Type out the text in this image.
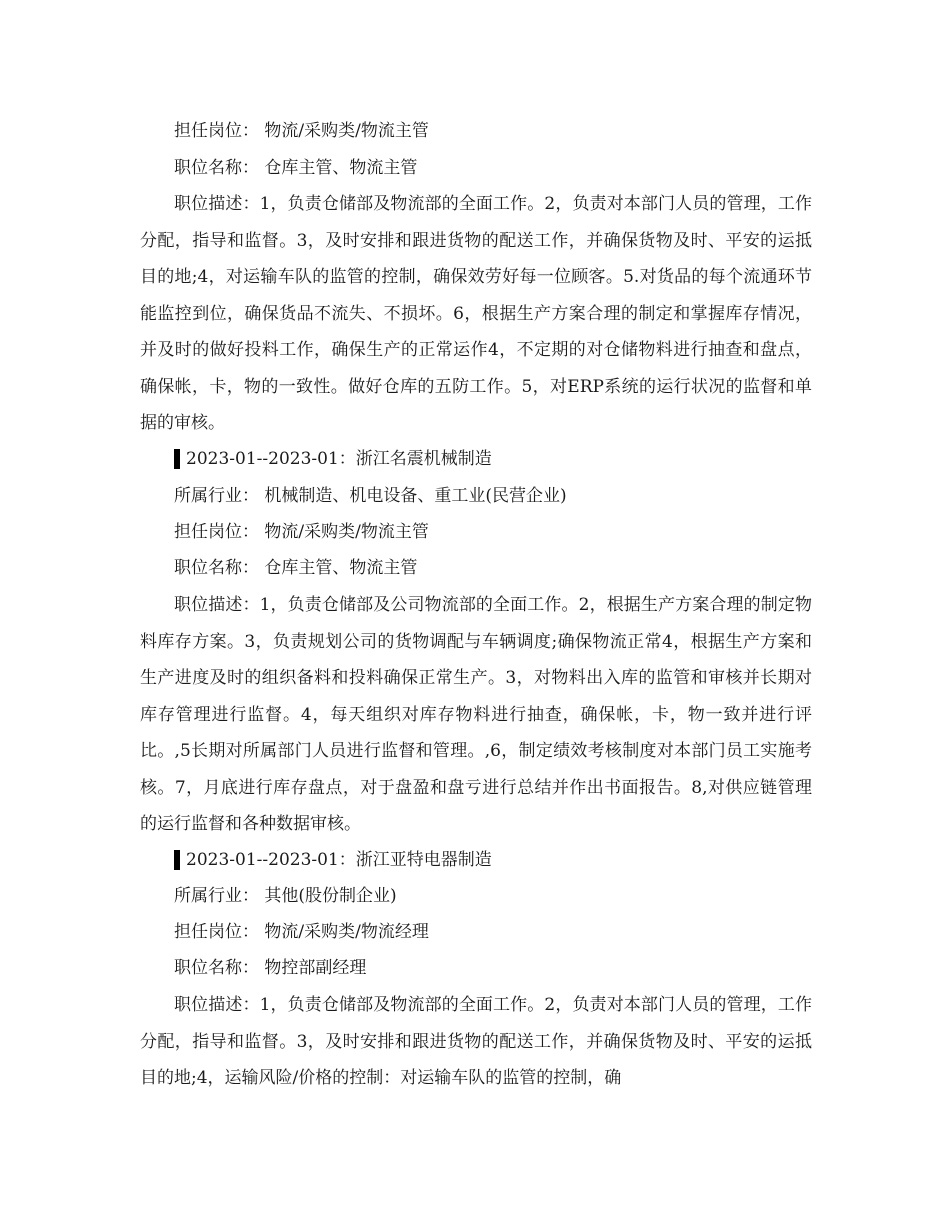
担任岗位： 物流/采购类/物流主管
职位名称： 仓库主管、物流主管

职位描述：1，负责仓储部及物流部的全面工作。2，负责对本部门人员的管理，工作分配，指导和监督。3，及时安排和跟进货物的配送工作，并确保货物及时、平安的运抵目的地;4，对运输车队的监管的控制，确保效劳好每一位顾客。5.对货品的每个流通环节能监控到位，确保货品不流失、不损坏。6，根据生产方案合理的制定和掌握库存情况，并及时的做好投料工作，确保生产的正常运作4，不定期的对仓储物料进行抽查和盘点，确保帐，卡，物的一致性。做好仓库的五防工作。5，对ERP系统的运行状况的监督和单据的审核。

2023-01--2023-01：浙江名震机械制造
所属行业： 机械制造、机电设备、重工业(民营企业)
担任岗位： 物流/采购类/物流主管
职位名称： 仓库主管、物流主管

职位描述：1，负责仓储部及公司物流部的全面工作。2，根据生产方案合理的制定物料库存方案。3，负责规划公司的货物调配与车辆调度;确保物流正常4，根据生产方案和生产进度及时的组织备料和投料确保正常生产。3，对物料出入库的监管和审核并长期对库存管理进行监督。4，每天组织对库存物料进行抽查，确保帐，卡，物一致并进行评比。,5长期对所属部门人员进行监督和管理。,6，制定绩效考核制度对本部门员工实施考核。7，月底进行库存盘点，对于盘盈和盘亏进行总结并作出书面报告。8,对供应链管理的运行监督和各种数据审核。

2023-01--2023-01：浙江亚特电器制造
所属行业： 其他(股份制企业)
担任岗位： 物流/采购类/物流经理
职位名称： 物控部副经理

职位描述：1，负责仓储部及物流部的全面工作。2，负责对本部门人员的管理，工作分配，指导和监督。3，及时安排和跟进货物的配送工作，并确保货物及时、平安的运抵目的地;4，运输风险/价格的控制：对运输车队的监管的控制，确
